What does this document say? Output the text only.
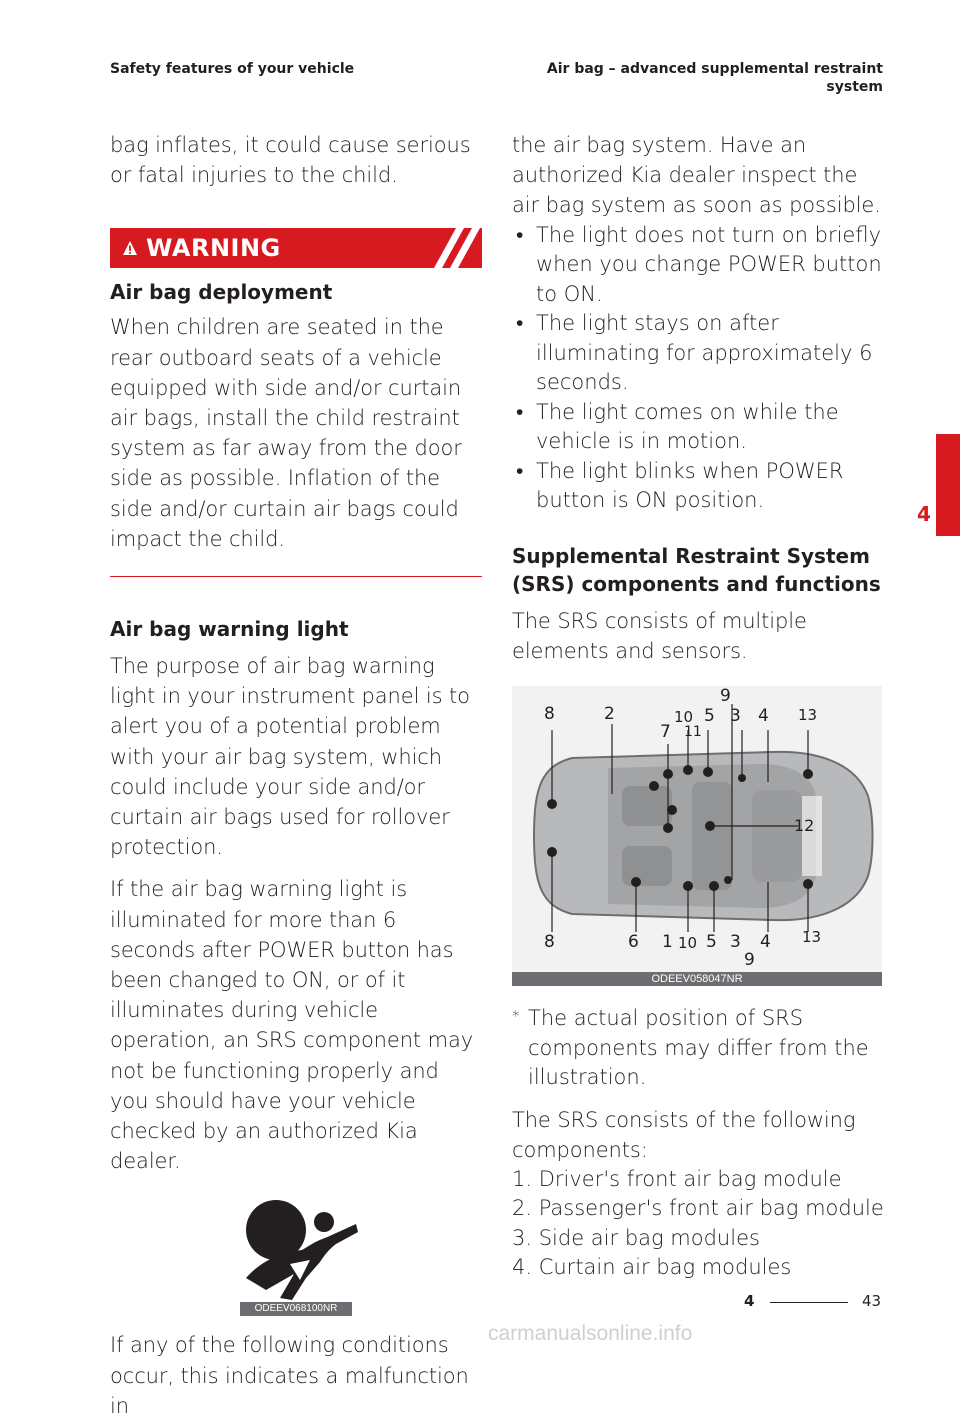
Safety features of your vehicle	Air bag – advanced supplemental restraint
system

bag inflates, it could cause serious or fatal injuries to the child.

WARNING
Air bag deployment

When children are seated in the rear outboard seats of a vehicle equipped with side and/or curtain air bags, install the child restraint system as far away from the door side as possible. Inflation of the side and/or curtain air bags could impact the child.

Air bag warning light

The purpose of air bag warning light in your instrument panel is to alert you of a potential problem with your air bag system, which could include your side and/or curtain air bags used for rollover protection.

If the air bag warning light is illuminated for more than 6 seconds after POWER button has been changed to ON, or of it illuminates during vehicle operation, an SRS component may not be functioning properly and you should have your vehicle checked by an authorized Kia dealer.

ODEEV068100NR

If any of the following conditions occur, this indicates a malfunction in

the air bag system. Have an authorized Kia dealer inspect the air bag system as soon as possible.

• The light does not turn on briefly when you change POWER button to ON.
• The light stays on after illuminating for approximately 6 seconds.
• The light comes on while the vehicle is in motion.
• The light blinks when POWER button is ON position.
Supplemental Restraint System (SRS) components and functions

The SRS consists of multiple elements and sensors.

8	2
9
10 5 3 4 13
7 11
12
8	6 1 10 5 3
9
4 13
ODEEV058047NR
* The actual position of SRS components may differ from the illustration.

The SRS consists of the following components:

1. Driver's front air bag module
2. Passenger's front air bag module
3. Side air bag modules
4. Curtain air bag modules
4
4	43
carmanualsonline.info
